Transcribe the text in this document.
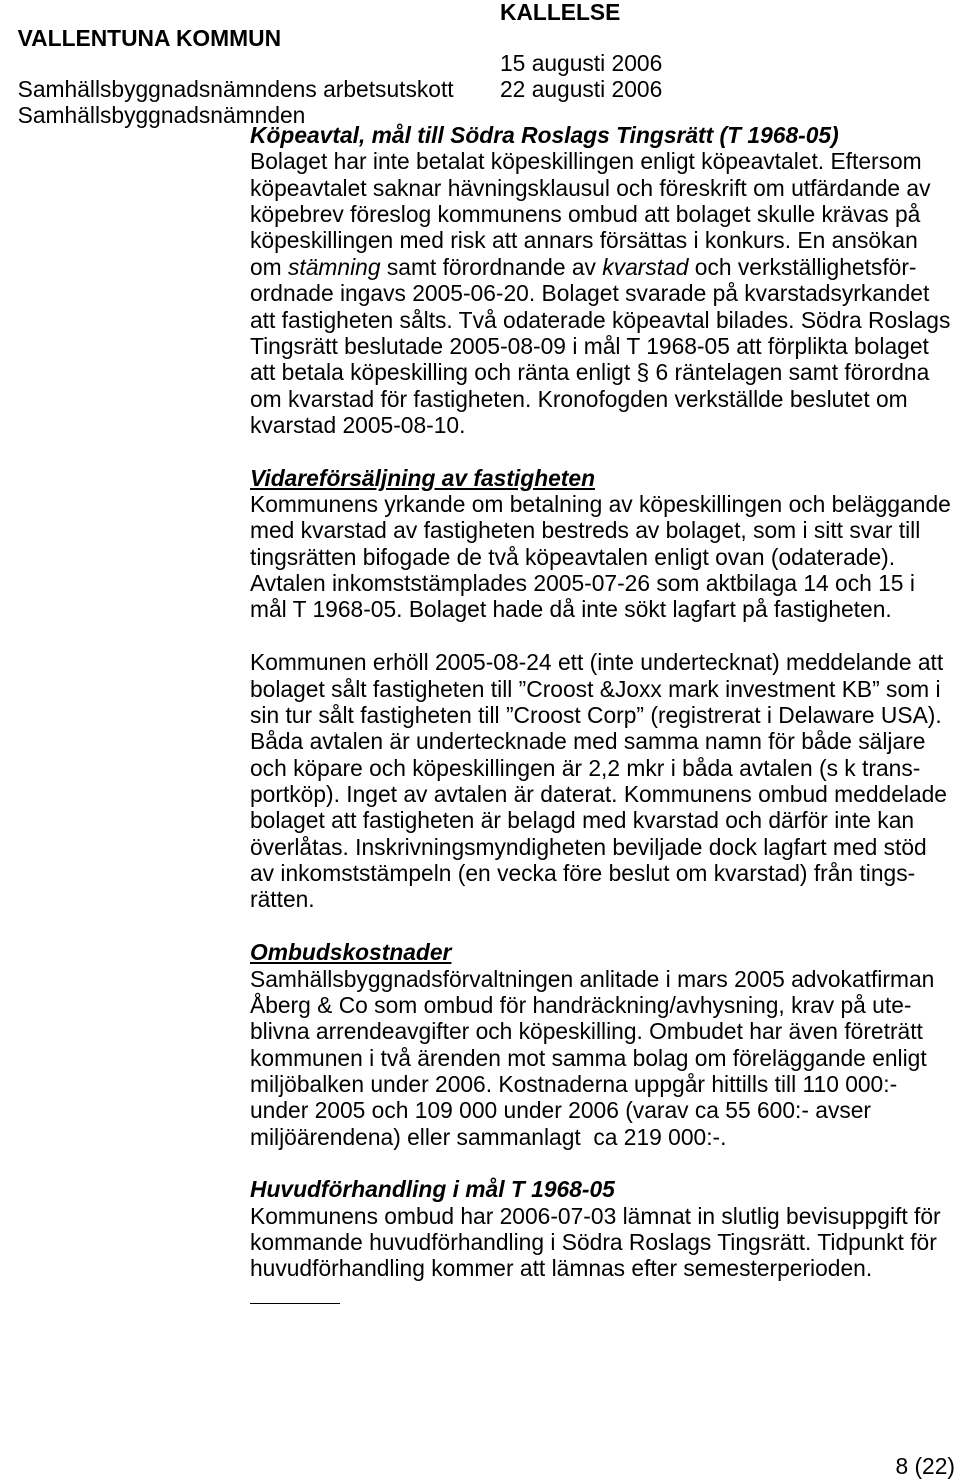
VALLENTUNA KOMMUN

KALLELSE

Samhällsbyggnadsnämndens arbetsutskott

15 augusti 2006

Samhällsbyggnadsnämnden

22 augusti 2006

Köpeavtal, mål till Södra Roslags Tingsrätt (T 1968-05)
Bolaget har inte betalat köpeskillingen enligt köpeavtalet. Eftersom
köpeavtalet saknar hävningsklausul och föreskrift om utfärdande av
köpebrev föreslog kommunens ombud att bolaget skulle krävas på
köpeskillingen med risk att annars försättas i konkurs. En ansökan
om stämning samt förordnande av kvarstad och verkställighetsför-
ordnade ingavs 2005-06-20. Bolaget svarade på kvarstadsyrkandet
att fastigheten sålts. Två odaterade köpeavtal bilades. Södra Roslags
Tingsrätt beslutade 2005-08-09 i mål T 1968-05 att förplikta bolaget
att betala köpeskilling och ränta enligt § 6 räntelagen samt förordna
om kvarstad för fastigheten. Kronofogden verkställde beslutet om
kvarstad 2005-08-10.
Vidareförsäljning av fastigheten
Kommunens yrkande om betalning av köpeskillingen och beläggande
med kvarstad av fastigheten bestreds av bolaget, som i sitt svar till
tingsrätten bifogade de två köpeavtalen enligt ovan (odaterade).
Avtalen inkomststämplades 2005-07-26 som aktbilaga 14 och 15 i
mål T 1968-05. Bolaget hade då inte sökt lagfart på fastigheten.
Kommunen erhöll 2005-08-24 ett (inte undertecknat) meddelande att
bolaget sålt fastigheten till ”Croost &Joxx mark investment KB” som i
sin tur sålt fastigheten till ”Croost Corp” (registrerat i Delaware USA).
Båda avtalen är undertecknade med samma namn för både säljare
och köpare och köpeskillingen är 2,2 mkr i båda avtalen (s k trans-
portköp). Inget av avtalen är daterat. Kommunens ombud meddelade
bolaget att fastigheten är belagd med kvarstad och därför inte kan
överlåtas. Inskrivningsmyndigheten beviljade dock lagfart med stöd
av inkomststämpeln (en vecka före beslut om kvarstad) från tings-
rätten.
Ombudskostnader
Samhällsbyggnadsförvaltningen anlitade i mars 2005 advokatfirman
Åberg & Co som ombud för handräckning/avhysning, krav på ute-
blivna arrendeavgifter och köpeskilling. Ombudet har även företrätt
kommunen i två ärenden mot samma bolag om föreläggande enligt
miljöbalken under 2006. Kostnaderna uppgår hittills till 110 000:-
under 2005 och 109 000 under 2006 (varav ca 55 600:- avser
miljöärendena) eller sammanlagt  ca 219 000:-.
Huvudförhandling i mål T 1968-05
Kommunens ombud har 2006-07-03 lämnat in slutlig bevisuppgift för
kommande huvudförhandling i Södra Roslags Tingsrätt. Tidpunkt för
huvudförhandling kommer att lämnas efter semesterperioden.
8 (22)
